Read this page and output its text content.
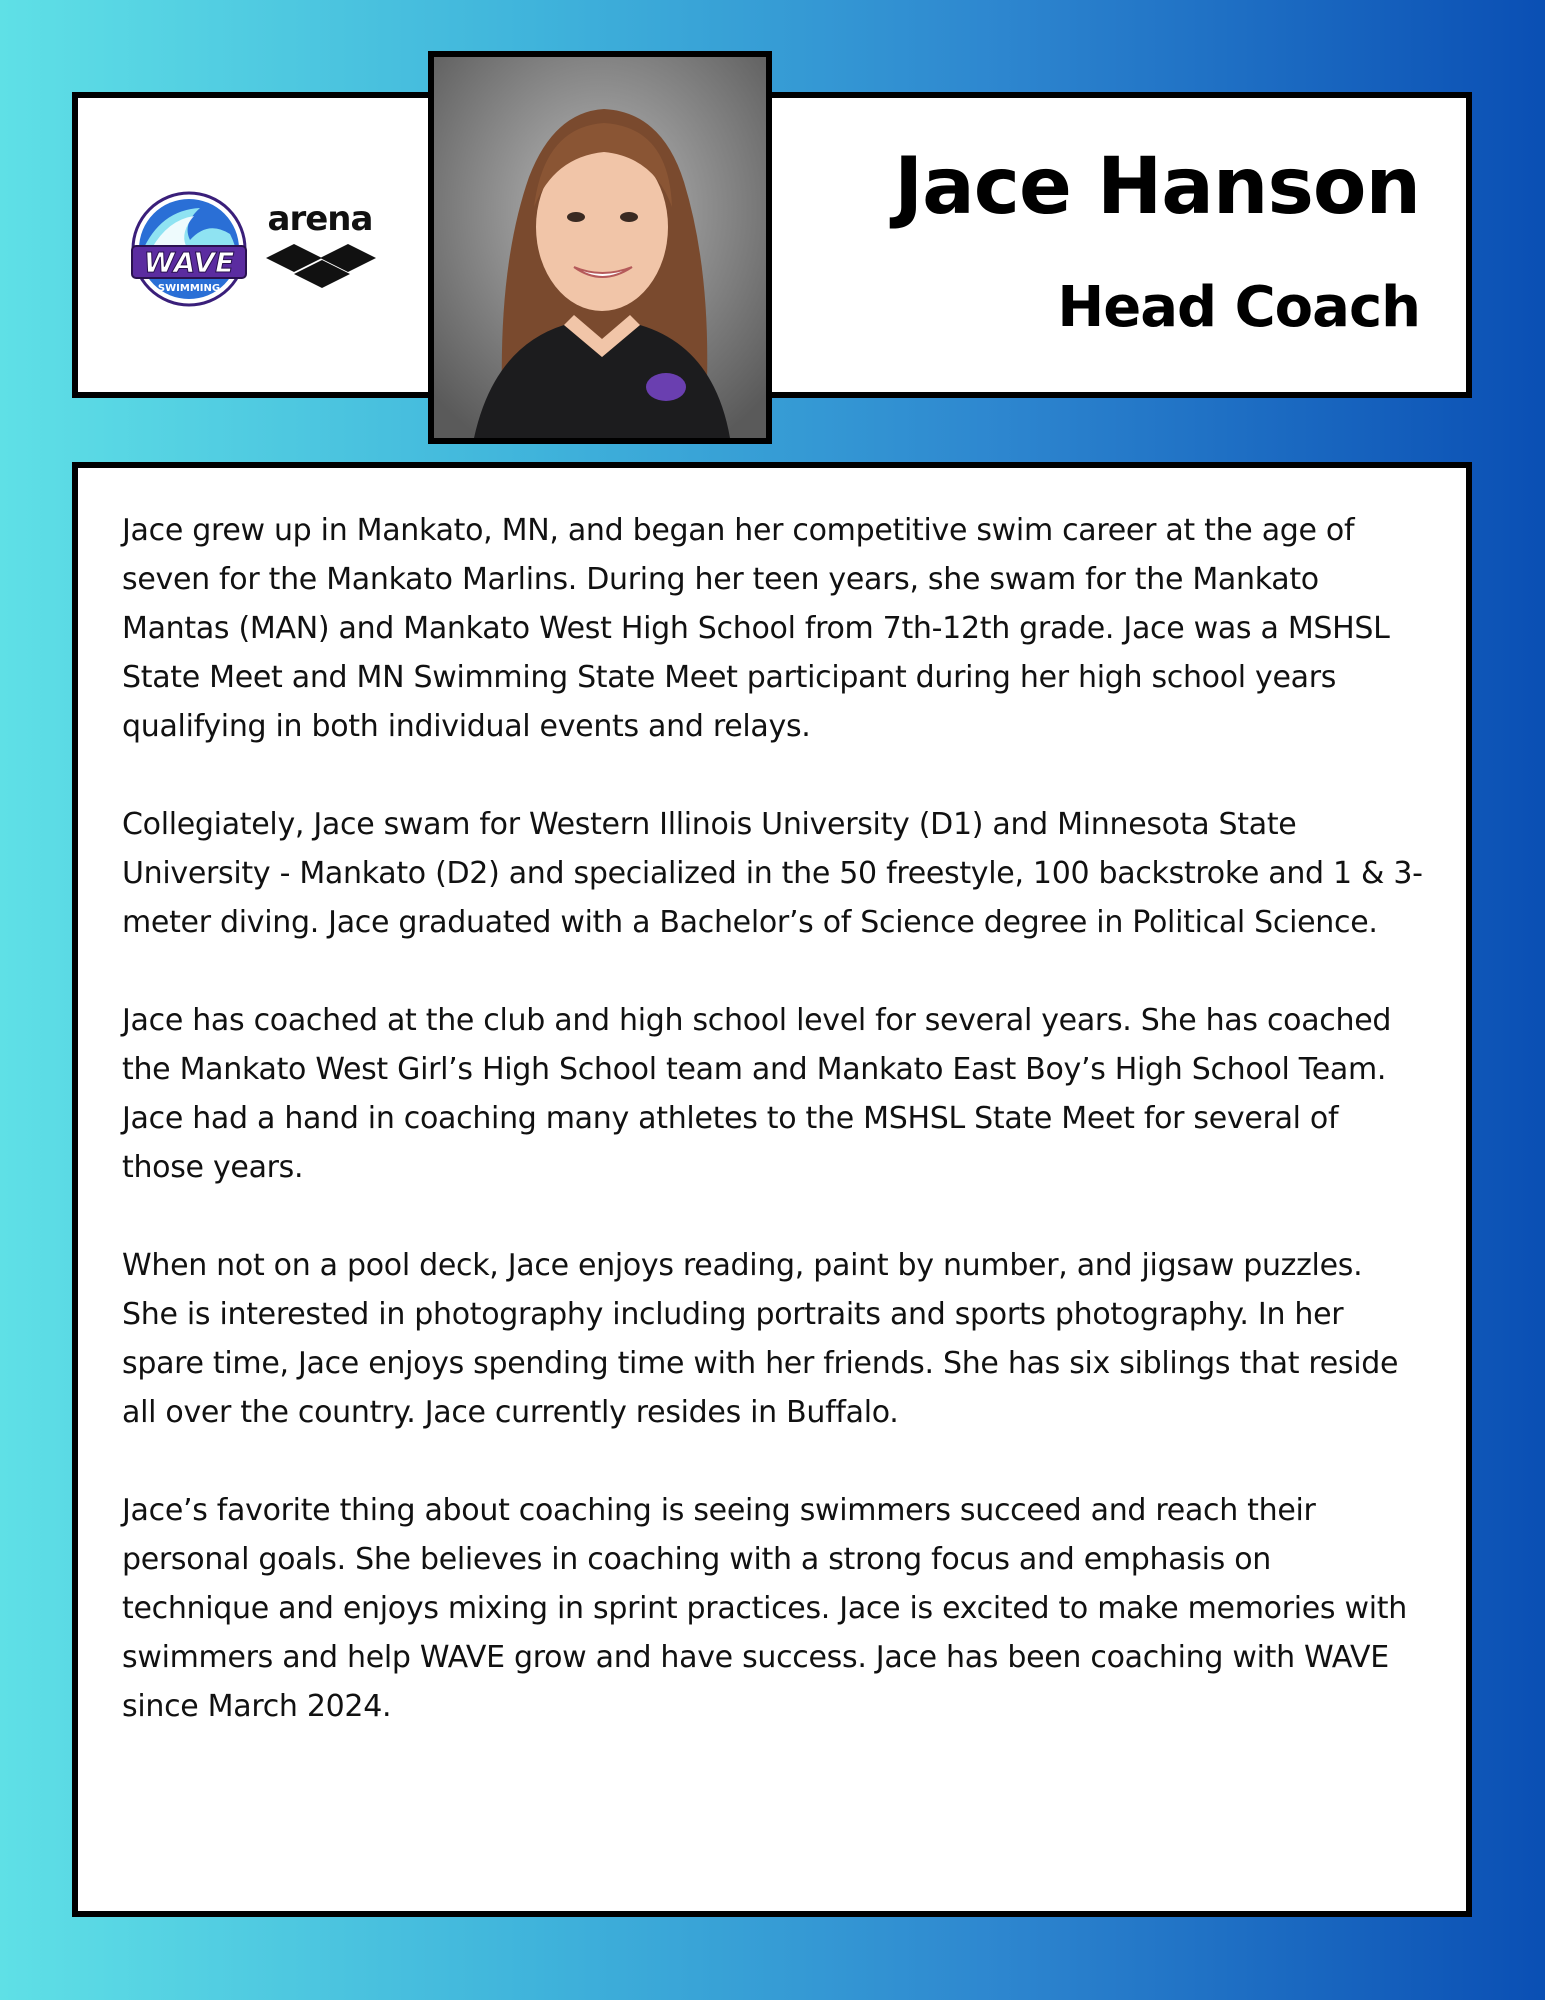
WAVE
SWIMMING
arena	Jace Hanson
Head Coach

Jace grew up in Mankato, MN, and began her competitive swim career at the age of seven for the Mankato Marlins. During her teen years, she swam for the Mankato Mantas (MAN) and Mankato West High School from 7th-12th grade. Jace was a MSHSL State Meet and MN Swimming State Meet participant during her high school years qualifying in both individual events and relays.

Collegiately, Jace swam for Western Illinois University (D1) and Minnesota State University - Mankato (D2) and specialized in the 50 freestyle, 100 backstroke and 1 & 3-meter diving. Jace graduated with a Bachelor’s of Science degree in Political Science.

Jace has coached at the club and high school level for several years. She has coached the Mankato West Girl’s High School team and Mankato East Boy’s High School Team. Jace had a hand in coaching many athletes to the MSHSL State Meet for several of those years.

When not on a pool deck, Jace enjoys reading, paint by number, and jigsaw puzzles. She is interested in photography including portraits and sports photography. In her spare time, Jace enjoys spending time with her friends. She has six siblings that reside all over the country. Jace currently resides in Buffalo.

Jace’s favorite thing about coaching is seeing swimmers succeed and reach their personal goals. She believes in coaching with a strong focus and emphasis on technique and enjoys mixing in sprint practices. Jace is excited to make memories with swimmers and help WAVE grow and have success. Jace has been coaching with WAVE since March 2024.
